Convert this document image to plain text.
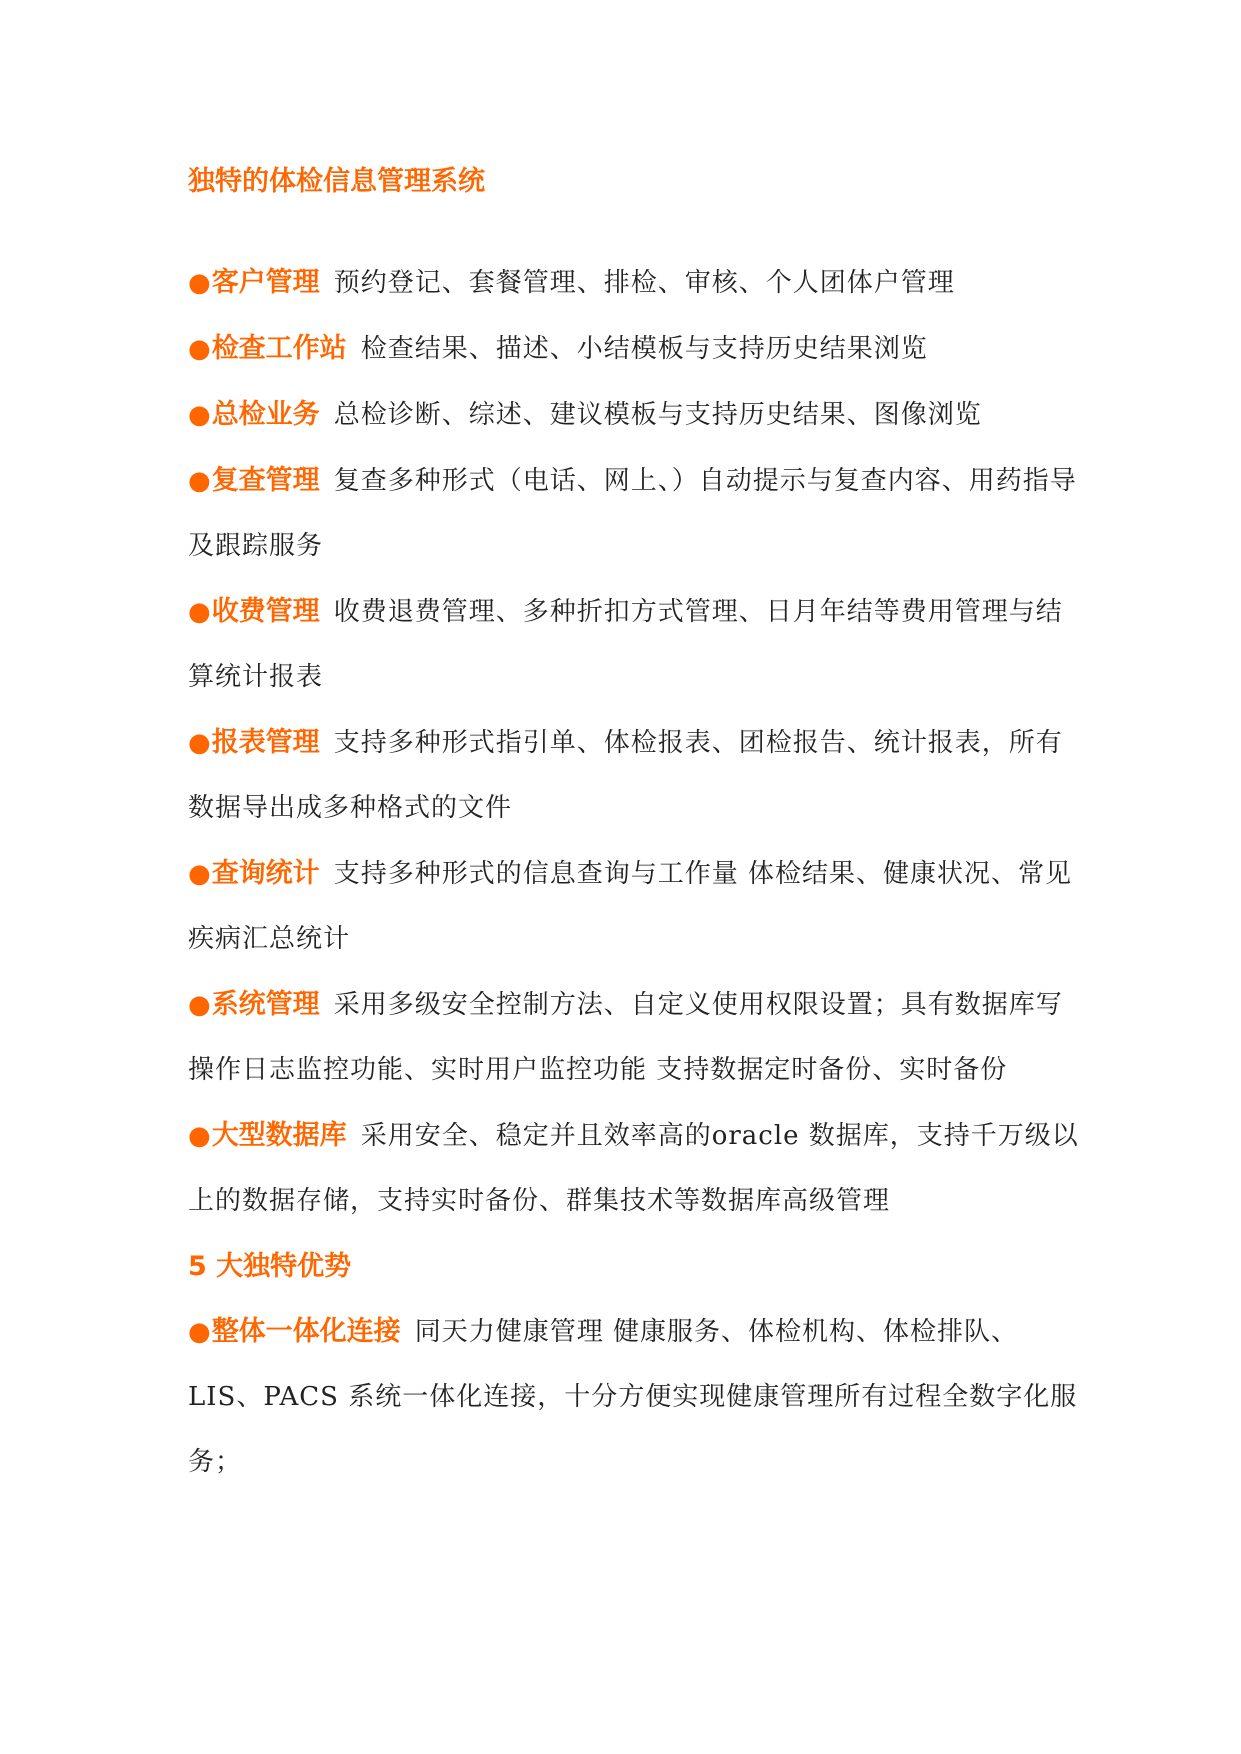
独特的体检信息管理系统

●客户管理 预约登记、套餐管理、排检、审核、个人团体户管理

●检查工作站 检查结果、描述、小结模板与支持历史结果浏览

●总检业务 总检诊断、综述、建议模板与支持历史结果、图像浏览

●复查管理 复查多种形式（电话、网上、）自动提示与复查内容、用药指导及跟踪服务

●收费管理 收费退费管理、多种折扣方式管理、日月年结等费用管理与结算统计报表

●报表管理 支持多种形式指引单、体检报表、团检报告、统计报表，所有数据导出成多种格式的文件

●查询统计 支持多种形式的信息查询与工作量 体检结果、健康状况、常见疾病汇总统计

●系统管理 采用多级安全控制方法、自定义使用权限设置；具有数据库写操作日志监控功能、实时用户监控功能 支持数据定时备份、实时备份

●大型数据库 采用安全、稳定并且效率高的oracle 数据库，支持千万级以上的数据存储，支持实时备份、群集技术等数据库高级管理

5 大独特优势

●整体一体化连接 同天力健康管理 健康服务、体检机构、体检排队、LIS、PACS 系统一体化连接，十分方便实现健康管理所有过程全数字化服务；
